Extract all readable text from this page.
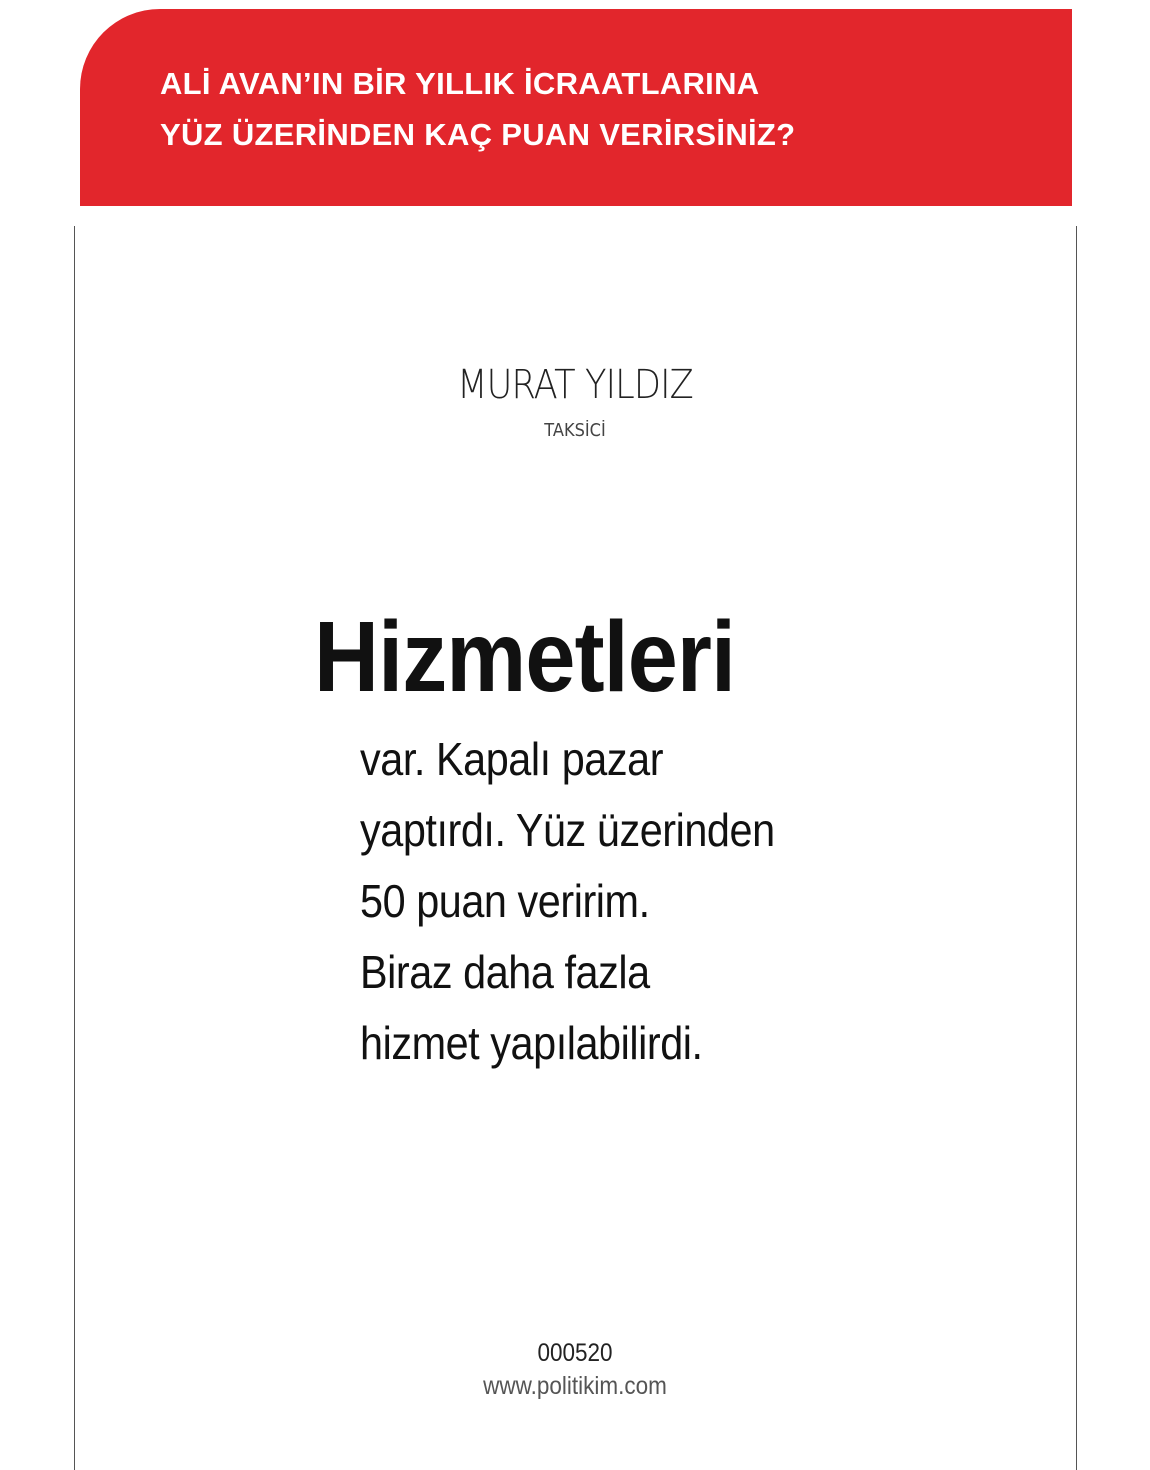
ALİ AVAN’IN BİR YILLIK İCRAATLARINA
YÜZ ÜZERİNDEN KAÇ PUAN VERİRSİNİZ?
MURAT YILDIZ
TAKSİCİ
Hizmetleri
var. Kapalı pazar
yaptırdı. Yüz üzerinden
50 puan veririm.
Biraz daha fazla
hizmet yapılabilirdi.
000520
www.politikim.com
